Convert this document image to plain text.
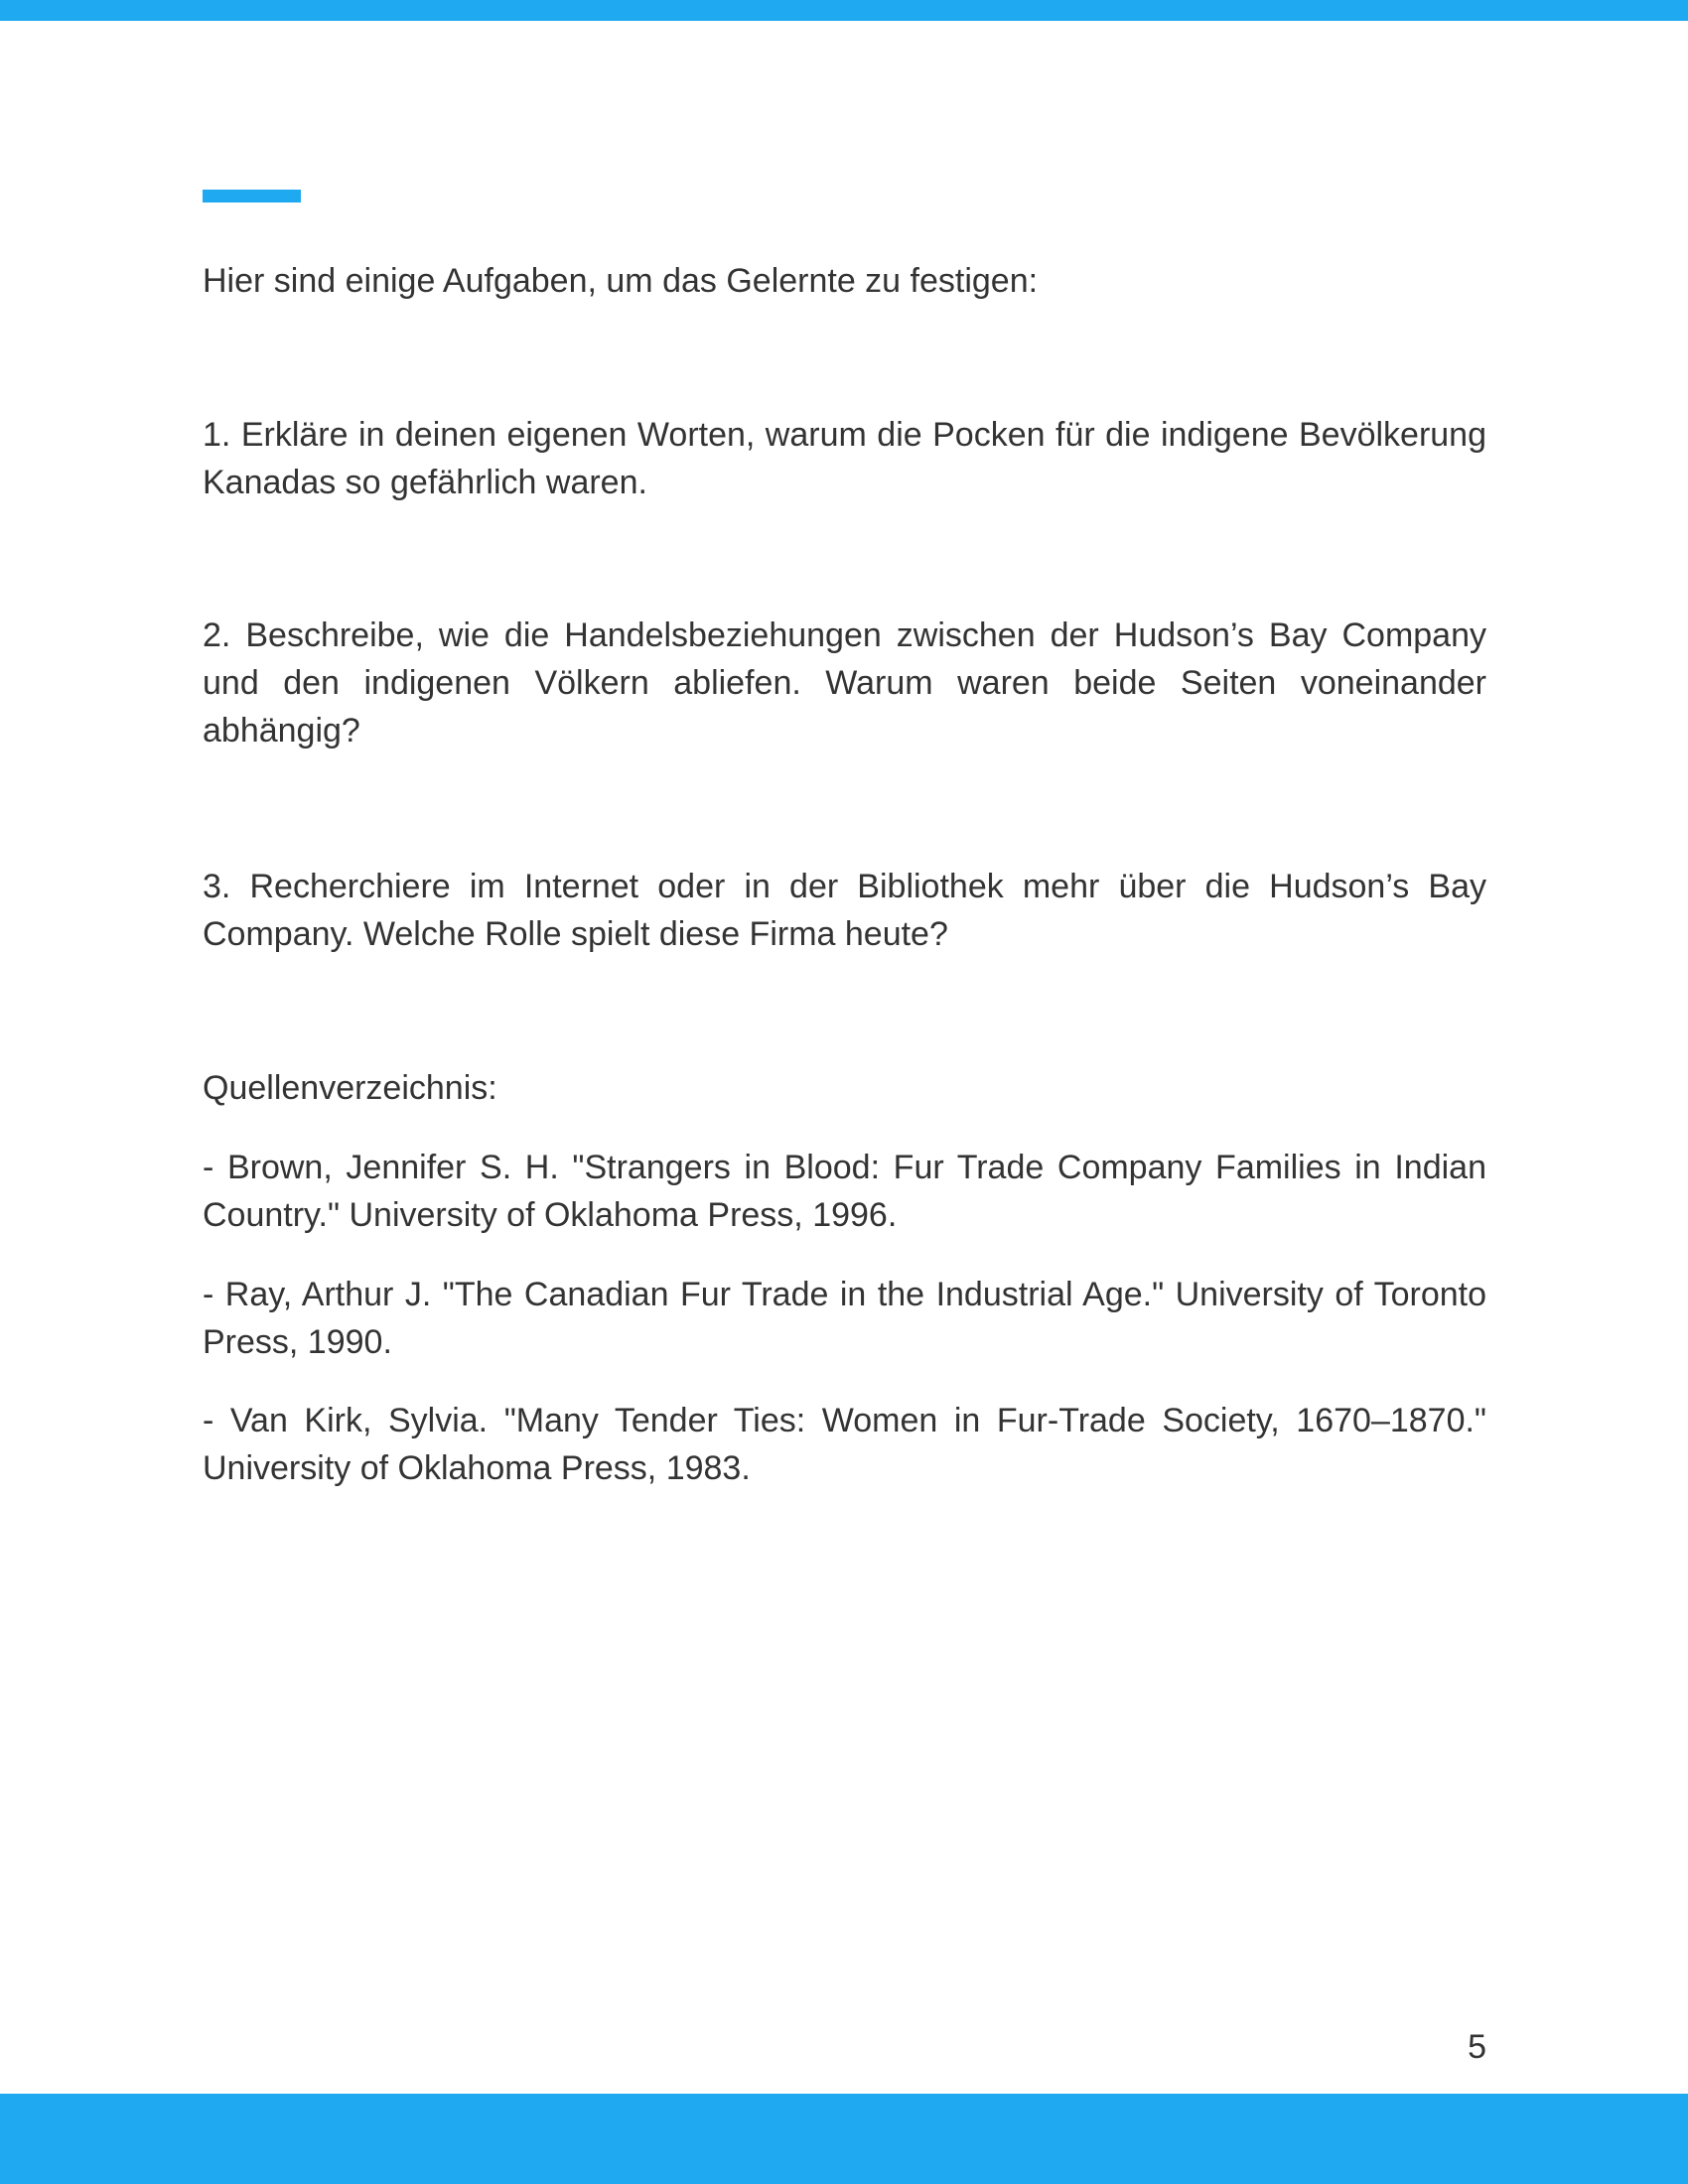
Hier sind einige Aufgaben, um das Gelernte zu festigen:

1. Erkläre in deinen eigenen Worten, warum die Pocken für die indigene Bevölkerung Kanadas so gefährlich waren.

2. Beschreibe, wie die Handelsbeziehungen zwischen der Hudson’s Bay Company und den indigenen Völkern abliefen. Warum waren beide Seiten voneinander abhängig?

3. Recherchiere im Internet oder in der Bibliothek mehr über die Hudson’s Bay Company. Welche Rolle spielt diese Firma heute?

Quellenverzeichnis:

- Brown, Jennifer S. H. "Strangers in Blood: Fur Trade Company Families in Indian Country." University of Oklahoma Press, 1996.

- Ray, Arthur J. "The Canadian Fur Trade in the Industrial Age." University of Toronto Press, 1990.

- Van Kirk, Sylvia. "Many Tender Ties: Women in Fur-Trade Society, 1670–1870." University of Oklahoma Press, 1983.

5
